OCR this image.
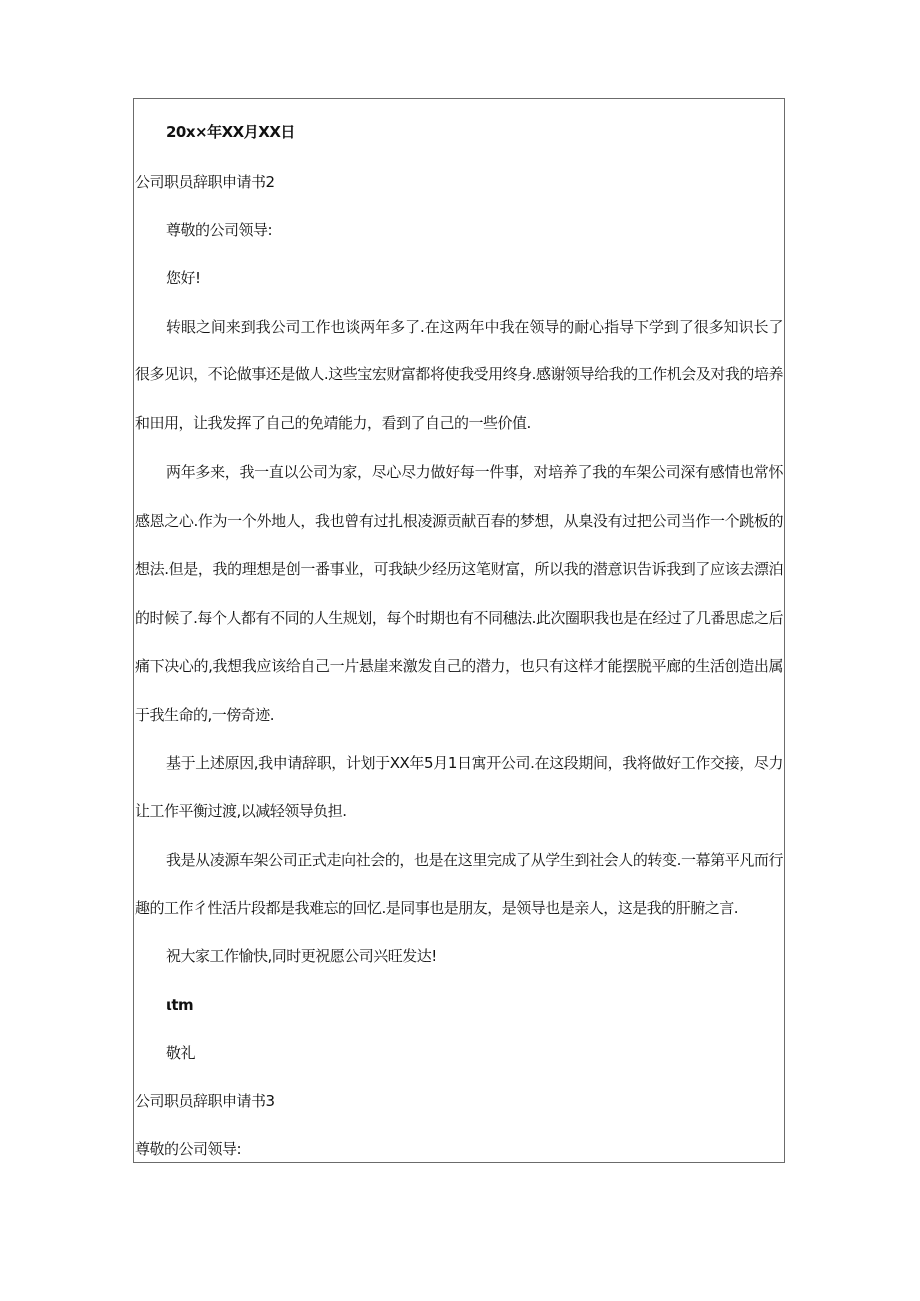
20x×年XX月XX日
公司职员辞职申请书2
尊敬的公司领导:
您好!
转眼之间来到我公司工作也谈两年多了.在这两年中我在领导的耐心指导下学到了很多知识长了
很多见识，不论做事还是做人.这些宝宏财富都将使我受用终身.感谢领导给我的工作机会及对我的培养
和田用，让我发挥了自己的免靖能力，看到了自己的一些价值.
两年多来，我一直以公司为家，尽心尽力做好每一件事，对培养了我的车架公司深有感情也常怀
感恩之心.作为一个外地人，我也曾有过扎根凌源贡献百春的梦想，从臬没有过把公司当作一个跳板的
想法.但是，我的理想是创一番事业，可我缺少经历这笔财富，所以我的潜意识告诉我到了应该去漂泊
的时候了.每个人都有不同的人生规划，每个时期也有不同穗法.此次圈职我也是在经过了几番思虑之后
痛下决心的,我想我应该给自己一片悬崖来激发自己的潜力，也只有这样才能摆脱平廊的生活创造出属
于我生命的,一傍奇迹.
基于上述原因,我申请辞职，计划于XX年5月1日寓开公司.在这段期间，我将做好工作交接，尽力
让工作平衡过渡,以减轻领导负担.
我是从凌源车架公司正式走向社会的，也是在这里完成了从学生到社会人的转变.一幕第平凡而行
趣的工作彳性活片段都是我难忘的回忆.是同事也是朋友，是领导也是亲人，这是我的肝腑之言.
祝大家工作愉快,同时更祝愿公司兴旺发达!
ιtm
敬礼
公司职员辞职申请书3
尊敬的公司领导:
